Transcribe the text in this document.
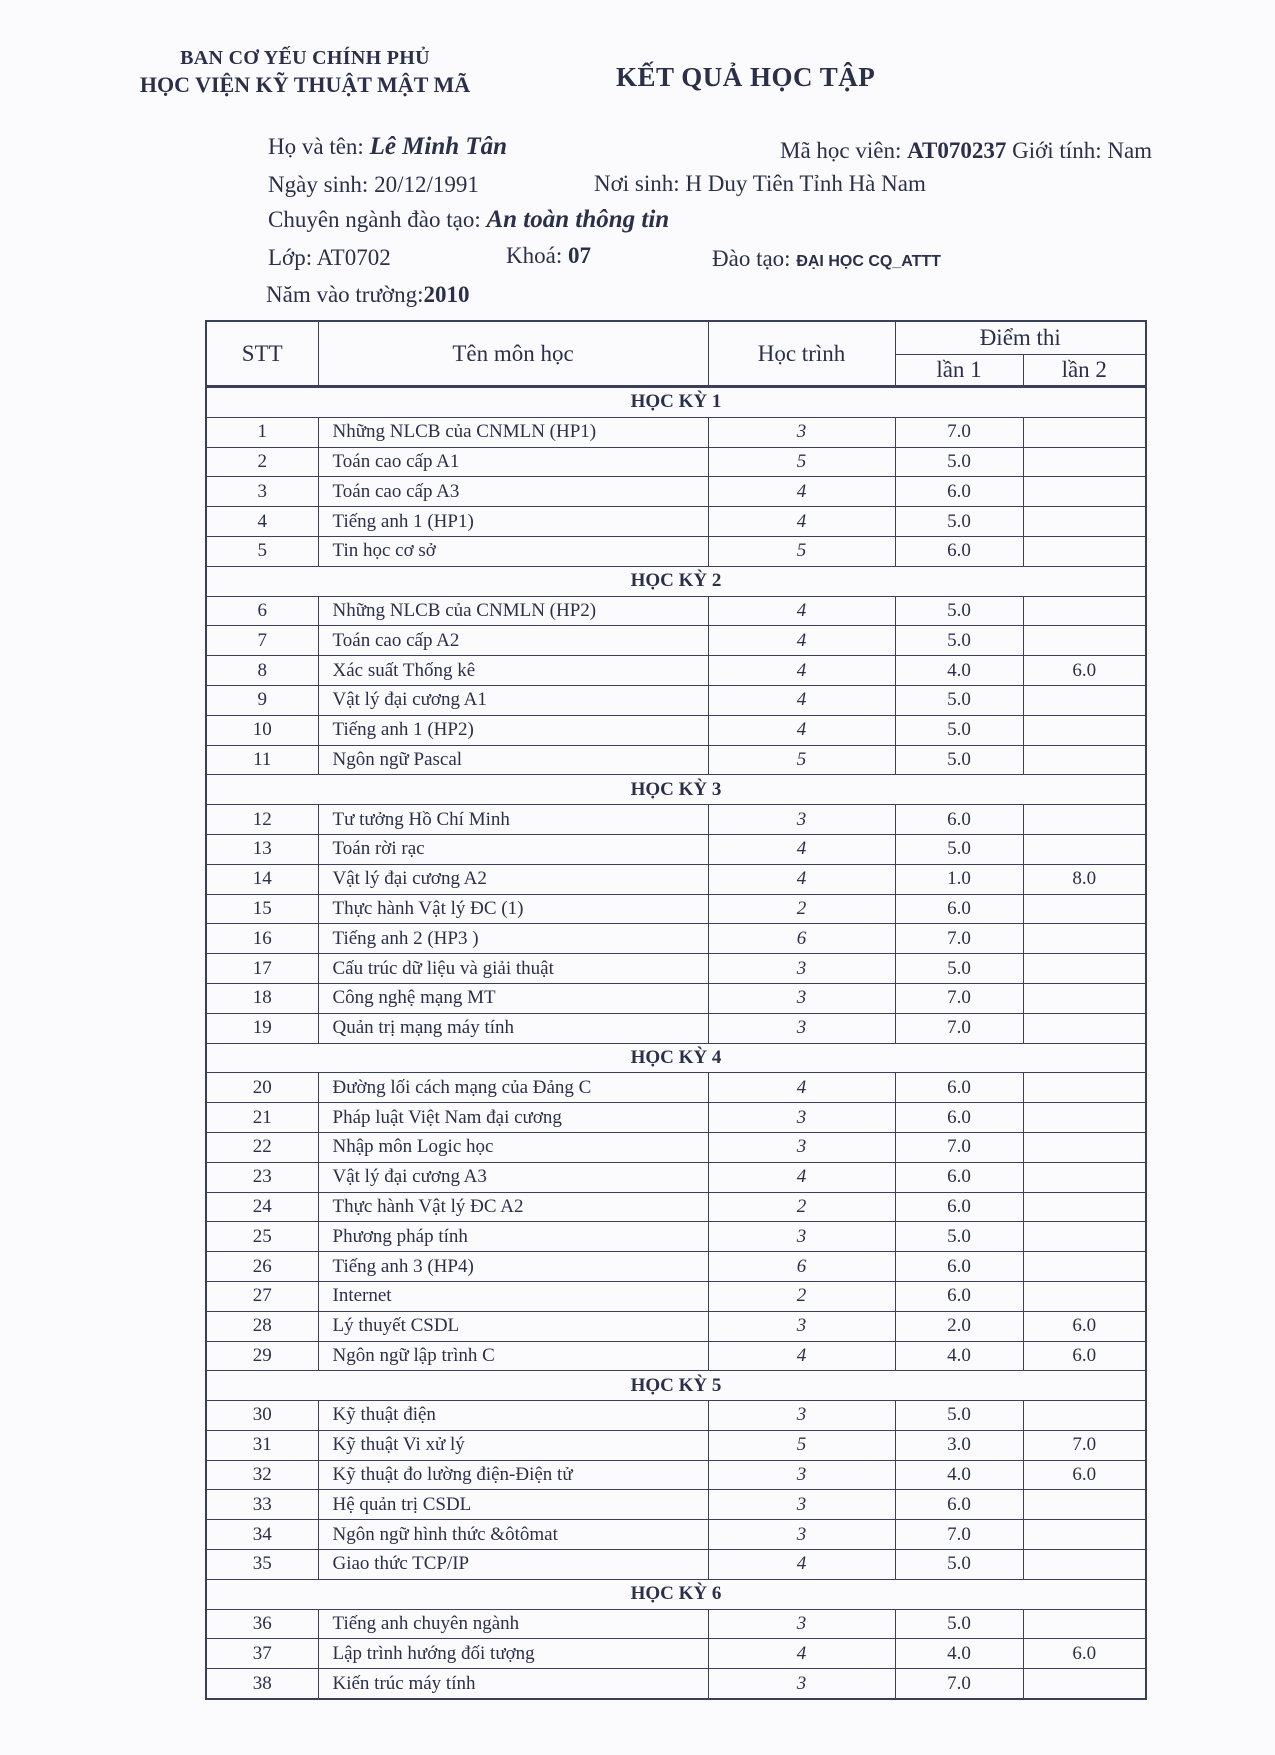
BAN CƠ YẾU CHÍNH PHỦ
HỌC VIỆN KỸ THUẬT MẬT MÃ	KẾT QUẢ HỌC TẬP
Họ và tên: Lê Minh Tân	Mã học viên: AT070237 Giới tính: Nam
Ngày sinh: 20/12/1991	Nơi sinh: H Duy Tiên Tỉnh Hà Nam
Chuyên ngành đào tạo: An toàn thông tin
Lớp: AT0702	Khoá: 07	Đào tạo: ĐẠI HỌC CQ_ATTT
Năm vào trường:2010
STT	Tên môn học	Học trình	Điểm thi	
			lần 1	lần 2
HỌC KỲ 1				
1	Những NLCB của CNMLN (HP1)	3	7.0	
2	Toán cao cấp A1	5	5.0	
3	Toán cao cấp A3	4	6.0	
4	Tiếng anh 1 (HP1)	4	5.0	
5	Tin học cơ sở	5	6.0	
HỌC KỲ 2				
6	Những NLCB của CNMLN (HP2)	4	5.0	
7	Toán cao cấp A2	4	5.0	
8	Xác suất Thống kê	4	4.0	6.0
9	Vật lý đại cương A1	4	5.0	
10	Tiếng anh 1 (HP2)	4	5.0	
11	Ngôn ngữ Pascal	5	5.0	
HỌC KỲ 3				
12	Tư tưởng Hồ Chí Minh	3	6.0	
13	Toán rời rạc	4	5.0	
14	Vật lý đại cương A2	4	1.0	8.0
15	Thực hành Vật lý ĐC (1)	2	6.0	
16	Tiếng anh 2 (HP3 )	6	7.0	
17	Cấu trúc dữ liệu và giải thuật	3	5.0	
18	Công nghệ mạng MT	3	7.0	
19	Quản trị mạng máy tính	3	7.0	
HỌC KỲ 4				
20	Đường lối cách mạng của Đảng C	4	6.0	
21	Pháp luật Việt Nam đại cương	3	6.0	
22	Nhập môn Logic học	3	7.0	
23	Vật lý đại cương A3	4	6.0	
24	Thực hành Vật lý ĐC A2	2	6.0	
25	Phương pháp tính	3	5.0	
26	Tiếng anh 3 (HP4)	6	6.0	
27	Internet	2	6.0	
28	Lý thuyết CSDL	3	2.0	6.0
29	Ngôn ngữ lập trình C	4	4.0	6.0
HỌC KỲ 5				
30	Kỹ thuật điện	3	5.0	
31	Kỹ thuật Vi xử lý	5	3.0	7.0
32	Kỹ thuật đo lường điện-Điện tử	3	4.0	6.0
33	Hệ quản trị CSDL	3	6.0	
34	Ngôn ngữ hình thức &ôtômat	3	7.0	
35	Giao thức TCP/IP	4	5.0	
HỌC KỲ 6				
36	Tiếng anh chuyên ngành	3	5.0	
37	Lập trình hướng đối tượng	4	4.0	6.0
38	Kiến trúc máy tính	3	7.0	
